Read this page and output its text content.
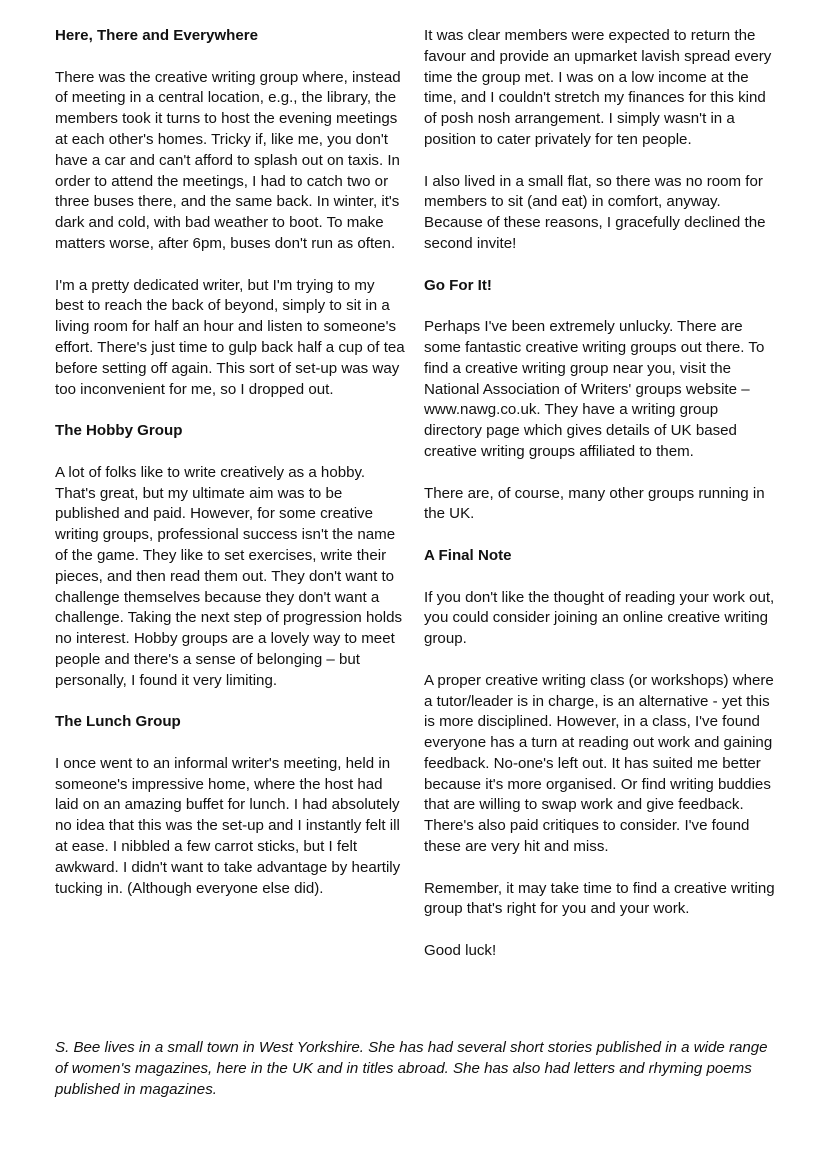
Here, There and Everywhere

There was the creative writing group where, instead of meeting in a central location, e.g., the library, the members took it turns to host the evening meetings at each other's homes. Tricky if, like me, you don't have a car and can't afford to splash out on taxis. In order to attend the meetings, I had to catch two or three buses there, and the same back. In winter, it's dark and cold, with bad weather to boot. To make matters worse, after 6pm, buses don't run as often.

I'm a pretty dedicated writer, but I'm trying to my best to reach the back of beyond, simply to sit in a living room for half an hour and listen to someone's effort. There's just time to gulp back half a cup of tea before setting off again. This sort of set-up was way too inconvenient for me, so I dropped out.

The Hobby Group

A lot of folks like to write creatively as a hobby. That's great, but my ultimate aim was to be published and paid. However, for some creative writing groups, professional success isn't the name of the game. They like to set exercises, write their pieces, and then read them out. They don't want to challenge themselves because they don't want a challenge. Taking the next step of progression holds no interest. Hobby groups are a lovely way to meet people and there's a sense of belonging – but personally, I found it very limiting.

The Lunch Group

I once went to an informal writer's meeting, held in someone's impressive home, where the host had laid on an amazing buffet for lunch. I had absolutely no idea that this was the set-up and I instantly felt ill at ease. I nibbled a few carrot sticks, but I felt awkward. I didn't want to take advantage by heartily tucking in. (Although everyone else did).

It was clear members were expected to return the favour and provide an upmarket lavish spread every time the group met. I was on a low income at the time, and I couldn't stretch my finances for this kind of posh nosh arrangement. I simply wasn't in a position to cater privately for ten people.

I also lived in a small flat, so there was no room for members to sit (and eat) in comfort, anyway. Because of these reasons, I gracefully declined the second invite!

Go For It!

Perhaps I've been extremely unlucky. There are some fantastic creative writing groups out there. To find a creative writing group near you, visit the National Association of Writers' groups website – www.nawg.co.uk. They have a writing group directory page which gives details of UK based creative writing groups affiliated to them.

There are, of course, many other groups running in the UK.

A Final Note

If you don't like the thought of reading your work out, you could consider joining an online creative writing group.

A proper creative writing class (or workshops) where a tutor/leader is in charge, is an alternative - yet this is more disciplined. However, in a class, I've found everyone has a turn at reading out work and gaining feedback. No-one's left out. It has suited me better because it's more organised. Or find writing buddies that are willing to swap work and give feedback. There's also paid critiques to consider. I've found these are very hit and miss.

Remember, it may take time to find a creative writing group that's right for you and your work.

Good luck!

S. Bee lives in a small town in West Yorkshire. She has had several short stories published in a wide range of women's magazines, here in the UK and in titles abroad. She has also had letters and rhyming poems published in magazines.
